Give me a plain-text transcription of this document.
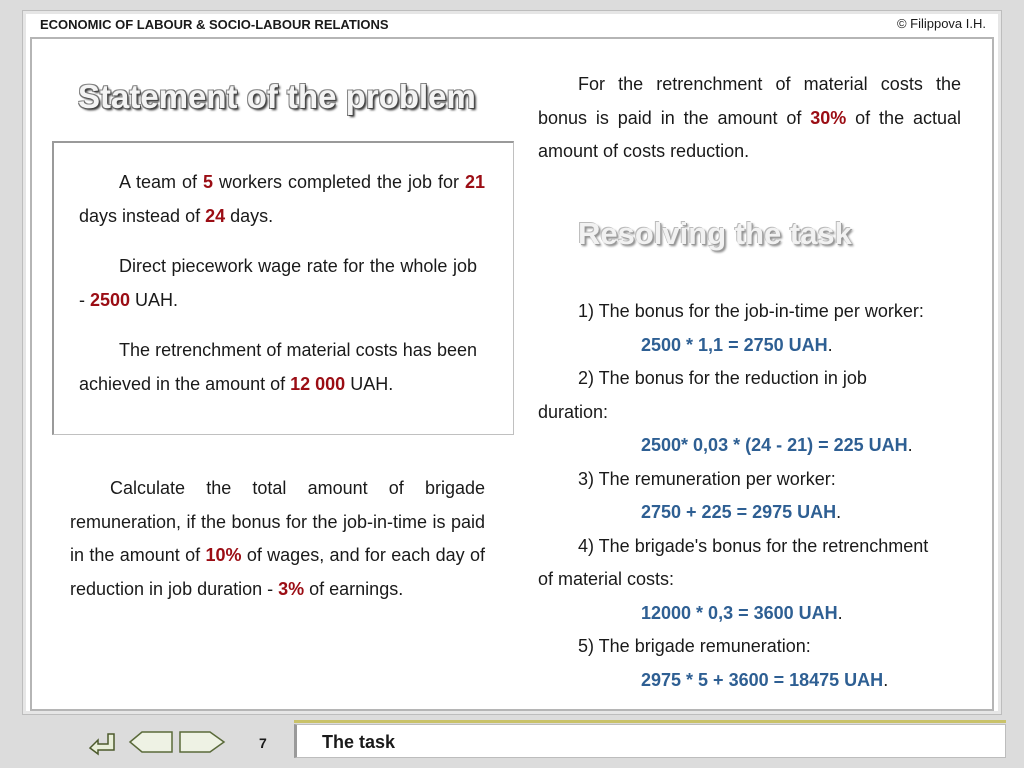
ECONOMIC OF LABOUR & SOCIO-LABOUR RELATIONS	© Filippova I.H.
Statement of the problem

A team of 5 workers completed the job for 21 days instead of 24 days.

Direct piecework wage rate for the whole job - 2500 UAH.

The retrenchment of material costs has been achieved in the amount of 12 000 UAH.

Calculate the total amount of brigade remuneration, if the bonus for the job-in-time is paid in the amount of 10% of wages, and for each day of reduction in job duration - 3% of earnings.

For the retrenchment of material costs the bonus is paid in the amount of 30% of the actual amount of costs reduction.

Resolving the task
1) The bonus for the job-in-time per worker:
2500 * 1,1 = 2750 UAH.
2) The bonus for the reduction in job
duration:
2500* 0,03 * (24 - 21) = 225 UAH.
3) The remuneration per worker:
2750 + 225 = 2975 UAH.
4) The brigade's bonus for the retrenchment
of material costs:
12000 * 0,3 = 3600 UAH.
5) The brigade remuneration:
2975 * 5 + 3600 = 18475 UAH.
7	The task
